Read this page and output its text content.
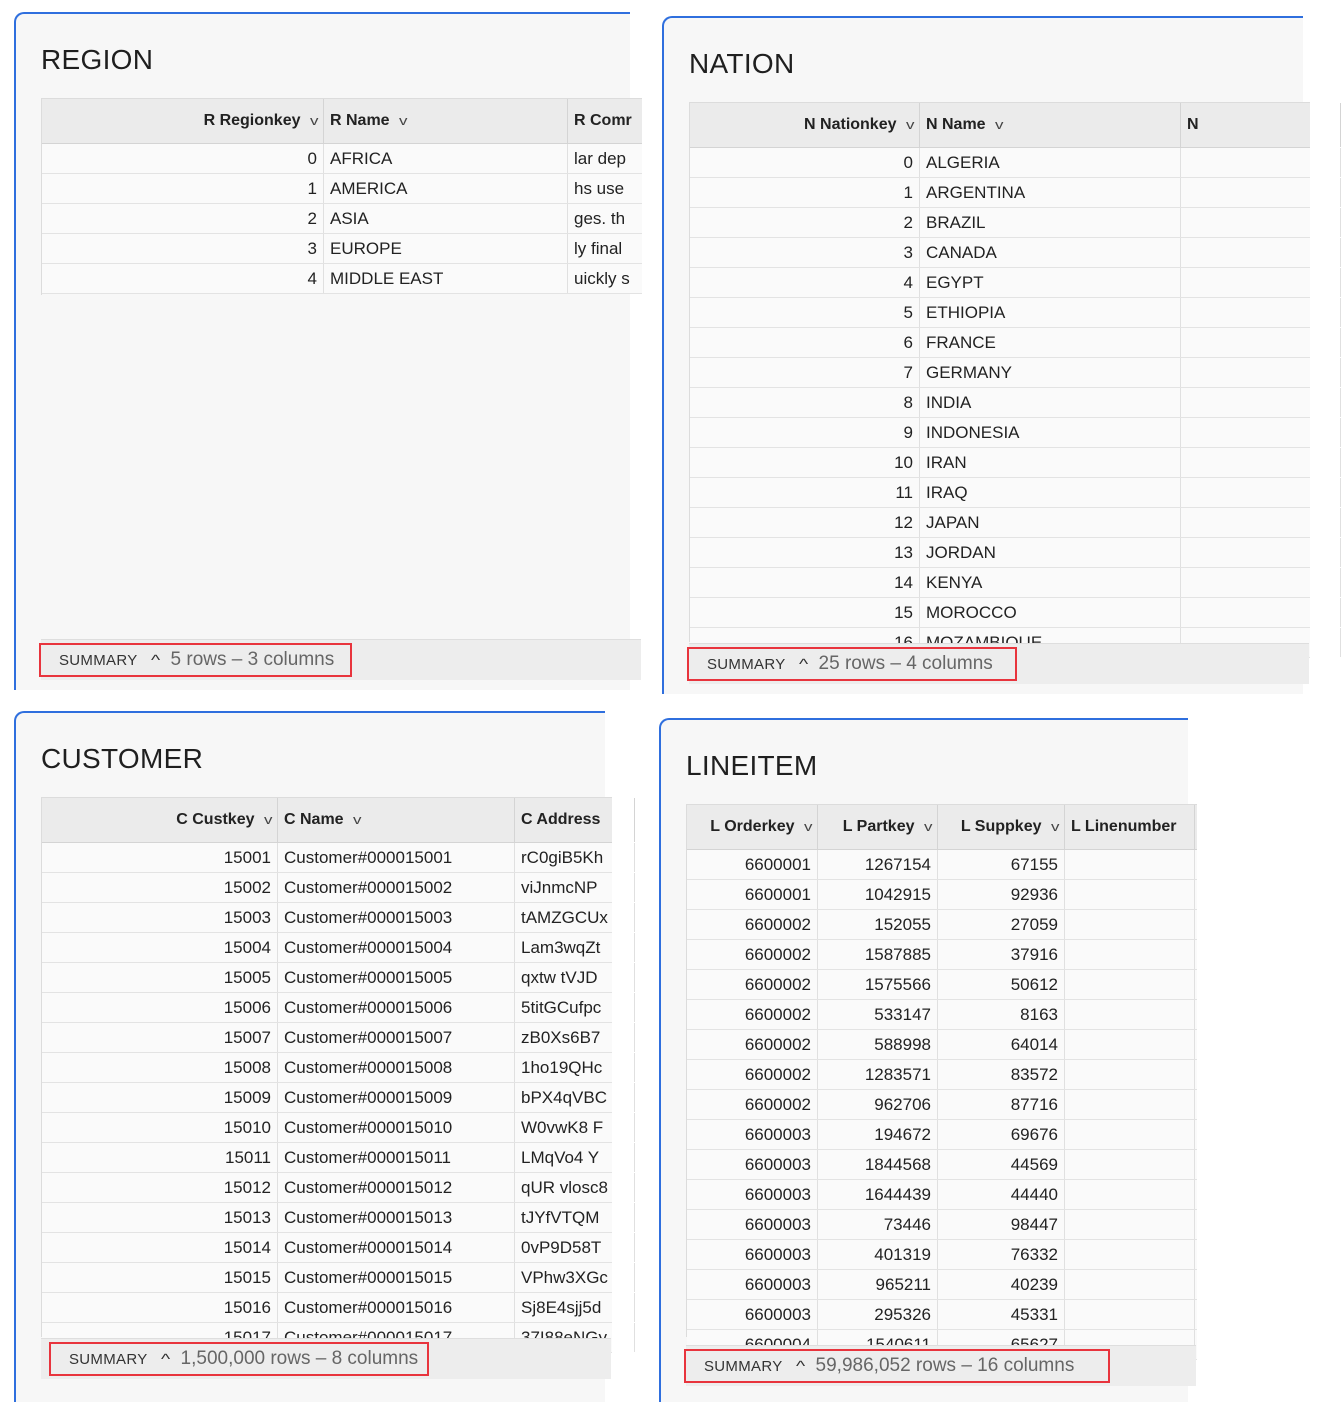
REGION
R Regionkey v R Name v	R Comr
0 AFRICA	lar dep
1 AMERICA	hs use
2 ASIA	ges. th
3 EUROPE	ly final
4 MIDDLE EAST	uickly s
SUMMARY ^ 5 rows – 3 columns
NATION
N Nationkey v N Name v	N
0 ALGERIA
1 ARGENTINA
2 BRAZIL
3 CANADA
4 EGYPT
5 ETHIOPIA
6 FRANCE
7 GERMANY
8 INDIA
9 INDONESIA
10 IRAN
11 IRAQ
12 JAPAN
13 JORDAN
14 KENYA
15 MOROCCO
SUMMARY ^ 25 rows – 4 columns
CUSTOMER
C Custkey v C Name v	C Address
15001 Customer#000015001	rC0giB5Kh
15002 Customer#000015002	viJnmcNP
15003 Customer#000015003	tAMZGCUx
15004 Customer#000015004	Lam3wqZt
15005 Customer#000015005	qxtw tVJD
15006 Customer#000015006	5titGCufpc
15007 Customer#000015007	zB0Xs6B7
15008 Customer#000015008	1ho19QHc
15009 Customer#000015009	bPX4qVBC
15010 Customer#000015010	W0vwK8 F
15011 Customer#000015011	LMqVo4 Y
15012 Customer#000015012	qUR vlosc8
15013 Customer#000015013	tJYfVTQM
15014 Customer#000015014	0vP9D58T
15015 Customer#000015015	VPhw3XGc
15016 Customer#000015016	Sj8E4sjj5d
SUMMARY ^ 1,500,000 rows – 8 columns
LINEITEM
L Orderkey v	L Partkey v	L Suppkey v L Linenumber
6600001	1267154	67155
6600001	1042915	92936
6600002	152055	27059
6600002	1587885	37916
6600002	1575566	50612
6600002	533147	8163
6600002	588998	64014
6600002	1283571	83572
6600002	962706	87716
6600003	194672	69676
6600003	1844568	44569
6600003	1644439	44440
6600003	73446	98447
6600003	401319	76332
6600003	965211	40239
6600003	295326	45331
SUMMARY ^ 59,986,052 rows – 16 columns
